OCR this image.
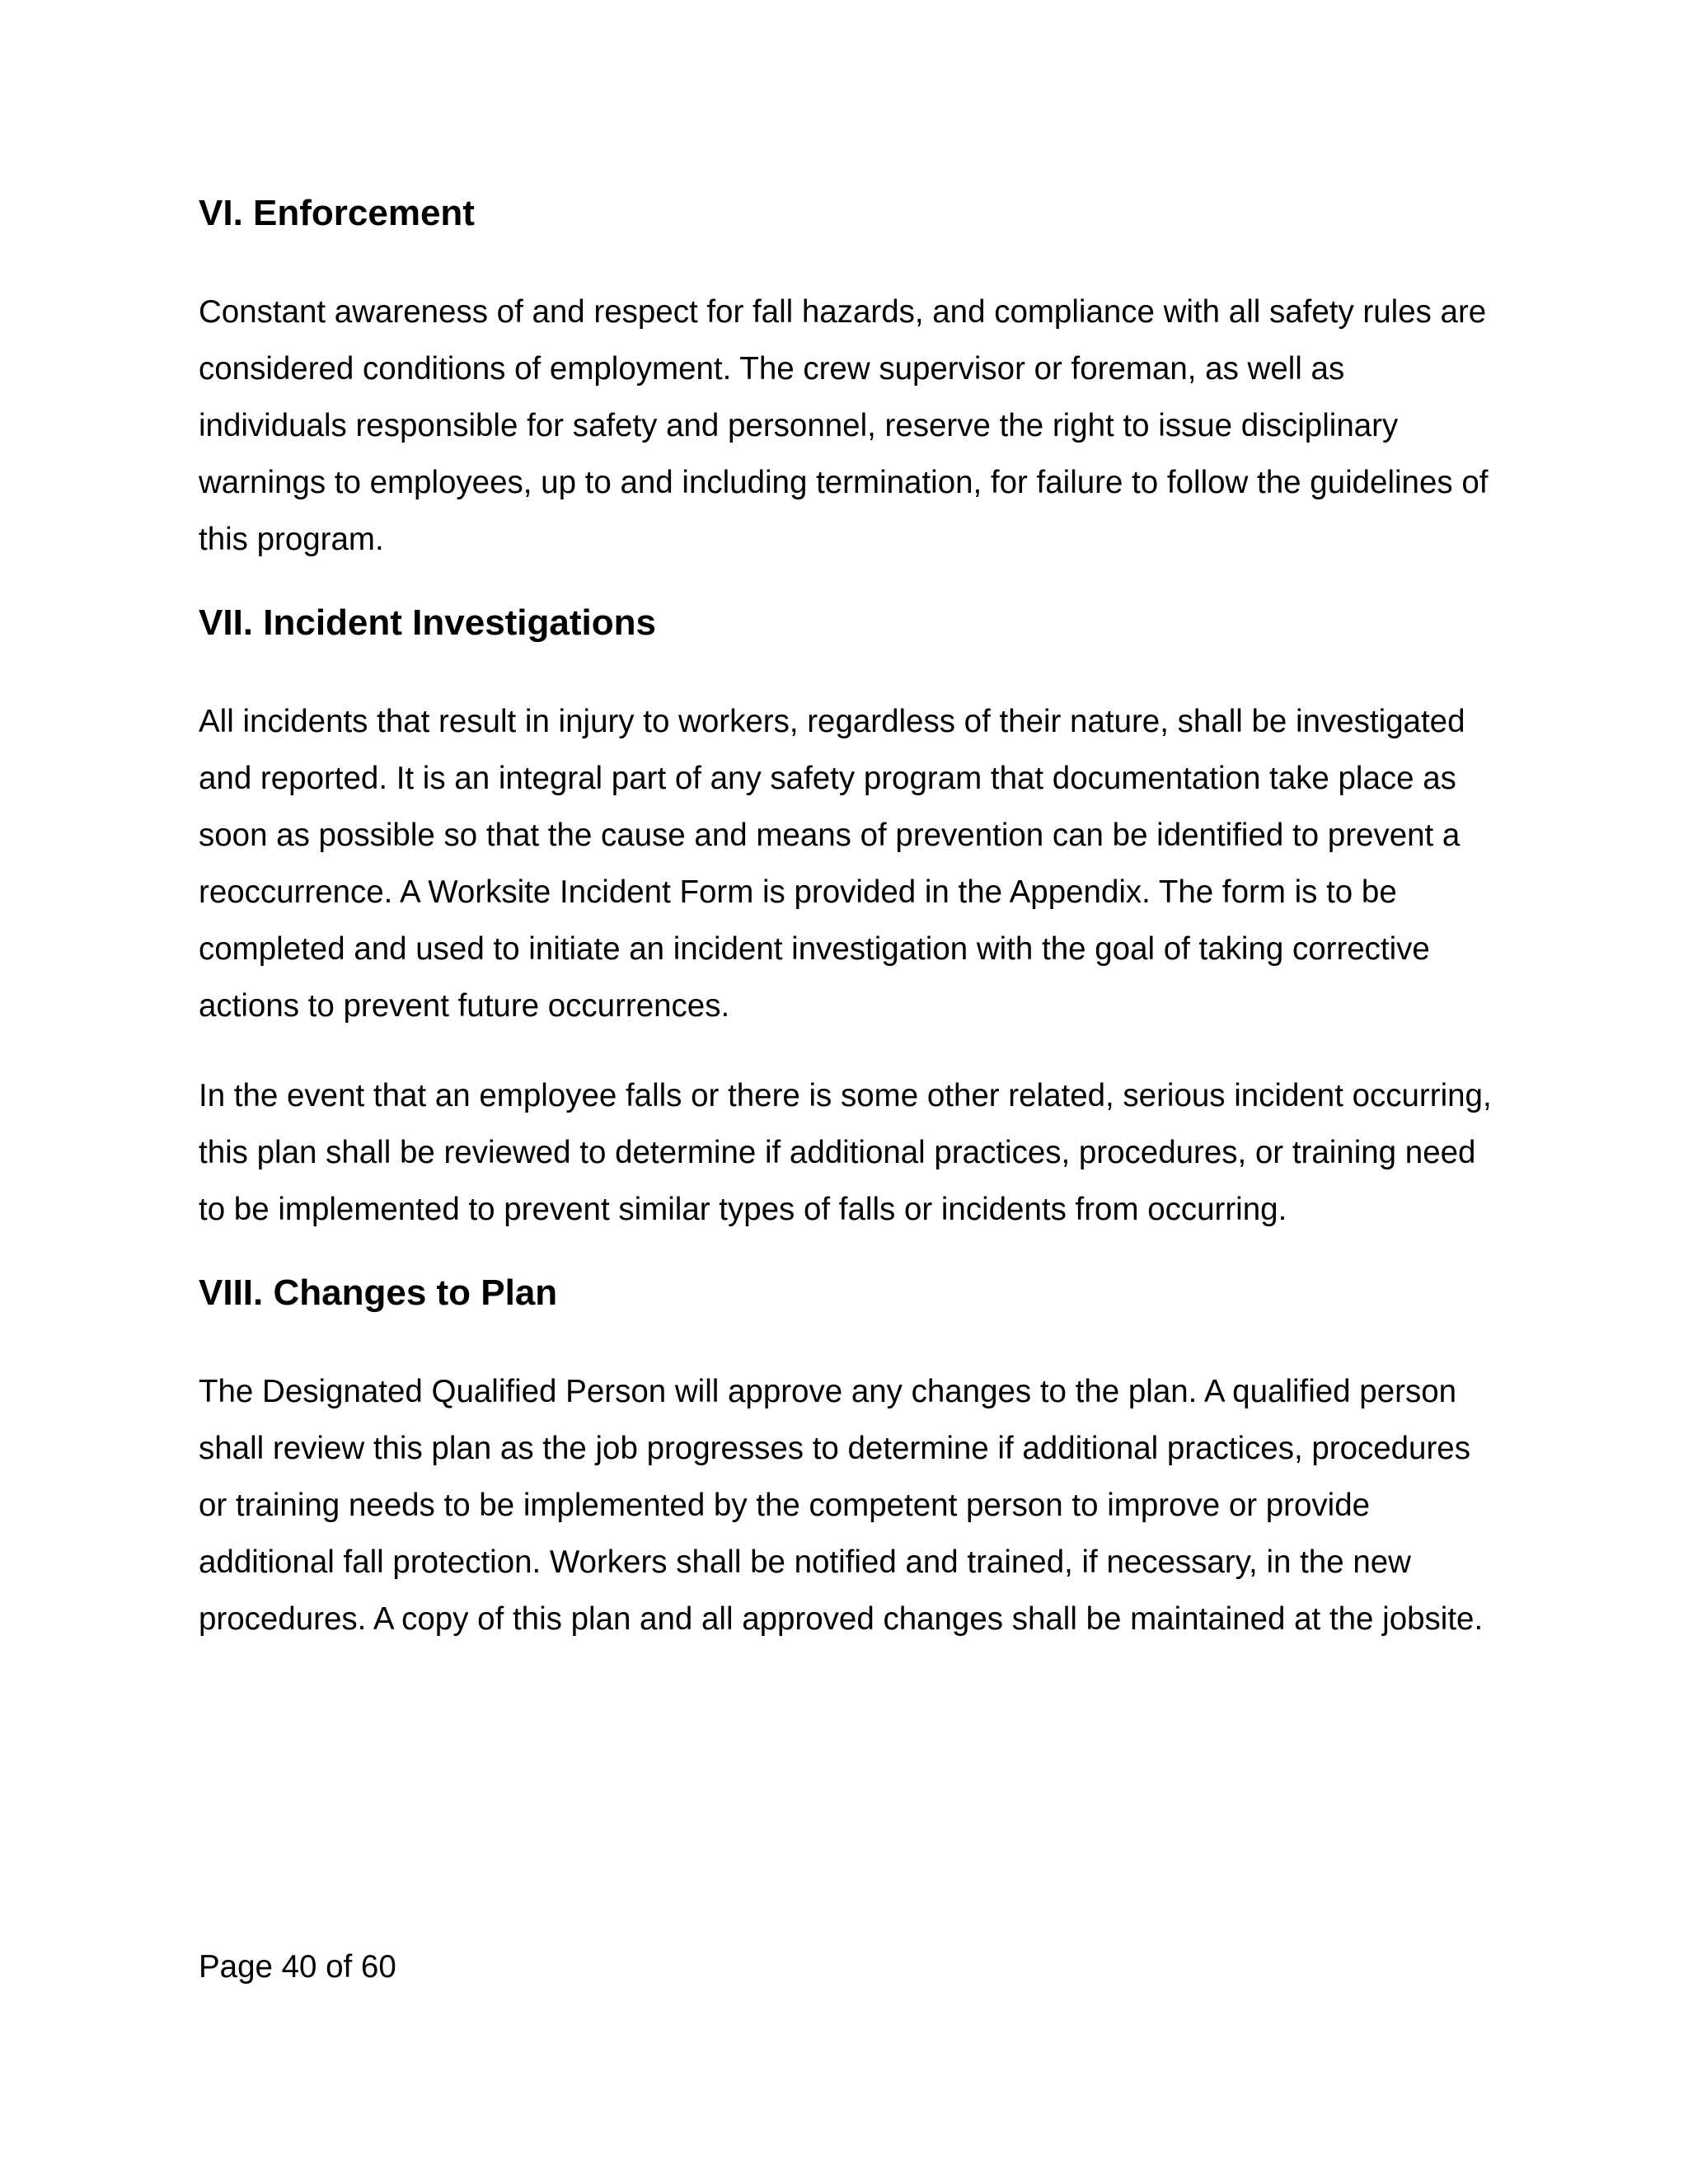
VI. Enforcement

Constant awareness of and respect for fall hazards, and compliance with all safety rules are considered conditions of employment. The crew supervisor or foreman, as well as individuals responsible for safety and personnel, reserve the right to issue disciplinary warnings to employees, up to and including termination, for failure to follow the guidelines of this program.

VII. Incident Investigations

All incidents that result in injury to workers, regardless of their nature, shall be investigated and reported. It is an integral part of any safety program that documentation take place as soon as possible so that the cause and means of prevention can be identified to prevent a reoccurrence. A Worksite Incident Form is provided in the Appendix. The form is to be completed and used to initiate an incident investigation with the goal of taking corrective actions to prevent future occurrences.

In the event that an employee falls or there is some other related, serious incident occurring, this plan shall be reviewed to determine if additional practices, procedures, or training need to be implemented to prevent similar types of falls or incidents from occurring.

VIII. Changes to Plan

The Designated Qualified Person will approve any changes to the plan. A qualified person shall review this plan as the job progresses to determine if additional practices, procedures or training needs to be implemented by the competent person to improve or provide additional fall protection. Workers shall be notified and trained, if necessary, in the new procedures. A copy of this plan and all approved changes shall be maintained at the jobsite.

Page 40 of 60
